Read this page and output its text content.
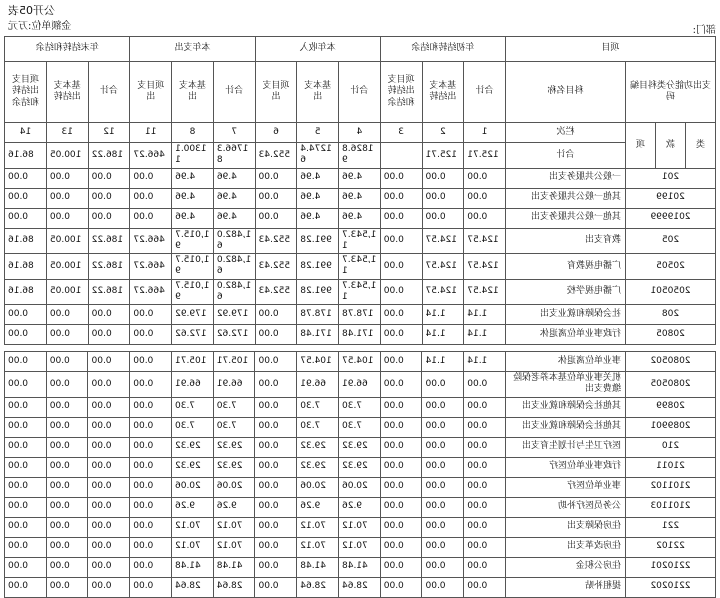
部门:
公开05表
金额单位:万元
项目				年初结转和结余			本年收入			本年支出			年末结转和结余		
支出功能分类科目编码			科目名称	合计	基本支出结转	项目支出结转和结余	合计	基本支出	项目支出	合计	基本支出	项目支出	合计	基本支出结转	项目支出结转和结余
类	款	项	栏次	1	2	3	4	5	6	7	8	11	12	13	14
			合计	125.71	125.71		1826.89	1274.46	552.43	1766.38	1300.11	466.27	186.22	100.05	86.16
201			一般公共服务支出	0.00	0.00	0.00	4.96	4.96	0.00	4.96	4.96	0.00	0.00	0.00	0.00
20199			其他一般公共服务支出	0.00	0.00	0.00	4.96	4.96	0.00	4.96	4.96	0.00	0.00	0.00	0.00
2019999			其他一般公共服务支出	0.00	0.00	0.00	4.96	4.96	0.00	4.96	4.96	0.00	0.00	0.00	0.00
205			教育支出	124.57	124.57	0.00	1,543.71	991.28	552.43	1,482.06	1,015.79	466.27	186.22	100.05	86.16
20505			广播电视教育	124.57	124.57	0.00	1,543.71	991.28	552.43	1,482.06	1,015.79	466.27	186.22	100.05	86.16
2050501			广播电视学校	124.57	124.57	0.00	1,543.71	991.28	552.43	1,482.06	1,015.79	466.27	186.22	100.05	86.16
208			社会保障和就业支出	1.14	1.14	0.00	178.78	178.78	0.00	179.92	179.92	0.00	0.00	0.00	0.00
20805			行政事业单位离退休	1.14	1.14	0.00	171.48	171.48	0.00	172.62	172.62	0.00	0.00	0.00	0.00
2080502	事业单位离退休	1.14	1.14	0.00	104.57	104.57	0.00	105.71	105.71	0.00	0.00	0.00	0.00
2080505	机关事业单位基本养老保险缴费支出	0.00	0.00	0.00	66.91	66.91	0.00	66.91	66.91	0.00	0.00	0.00	0.00
20899	其他社会保障和就业支出	0.00	0.00	0.00	7.30	7.30	0.00	7.30	7.30	0.00	0.00	0.00	0.00
2089901	其他社会保障和就业支出	0.00	0.00	0.00	7.30	7.30	0.00	7.30	7.30	0.00	0.00	0.00	0.00
210	医疗卫生与计划生育支出	0.00	0.00	0.00	29.32	29.32	0.00	29.32	29.32	0.00	0.00	0.00	0.00
21011	行政事业单位医疗	0.00	0.00	0.00	29.32	29.32	0.00	29.32	29.32	0.00	0.00	0.00	0.00
2101102	事业单位医疗	0.00	0.00	0.00	20.06	20.06	0.00	20.06	20.06	0.00	0.00	0.00	0.00
2101103	公务员医疗补助	0.00	0.00	0.00	9.26	9.26	0.00	9.26	9.26	0.00	0.00	0.00	0.00
221	住房保障支出	0.00	0.00	0.00	70.12	70.12	0.00	70.12	70.12	0.00	0.00	0.00	0.00
22102	住房改革支出	0.00	0.00	0.00	70.12	70.12	0.00	70.12	70.12	0.00	0.00	0.00	0.00
2210201	住房公积金	0.00	0.00	0.00	41.48	41.48	0.00	41.48	41.48	0.00	0.00	0.00	0.00
2210202	提租补贴	0.00	0.00	0.00	28.64	28.64	0.00	28.64	28.64	0.00	0.00	0.00	0.00
